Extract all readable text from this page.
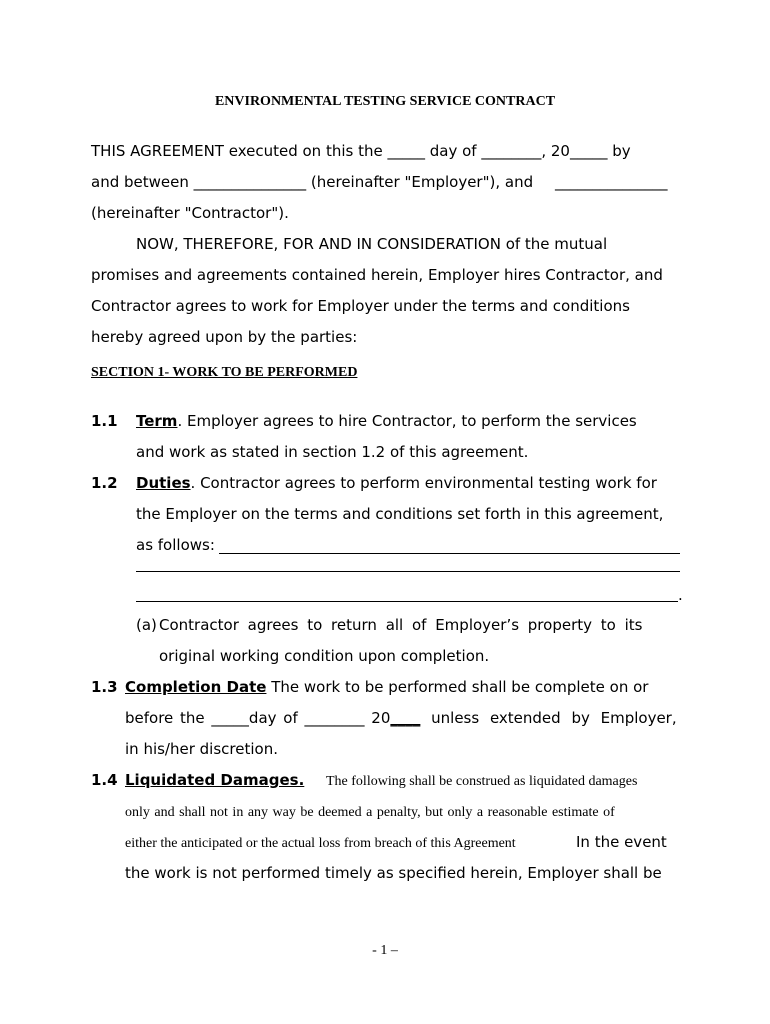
ENVIRONMENTAL TESTING SERVICE CONTRACT
THIS AGREEMENT executed on this the _____ day of ________, 20_____ by
and between _______________ (hereinafter "Employer"), and _______________
(hereinafter "Contractor").
NOW, THEREFORE, FOR AND IN CONSIDERATION of the mutual
promises and agreements contained herein, Employer hires Contractor, and
Contractor agrees to work for Employer under the terms and conditions
hereby agreed upon by the parties:
SECTION 1- WORK TO BE PERFORMED
1.1 Term. Employer agrees to hire Contractor, to perform the services
and work as stated in section 1.2 of this agreement.
1.2 Duties. Contractor agrees to perform environmental testing work for
the Employer on the terms and conditions set forth in this agreement,
as follows:
.
(a) Contractor agrees to return all of Employer’s property to its
original working condition upon completion.
1.3 Completion Date The work to be performed shall be complete on or
before the _____day of ________ 20____ unless extended by Employer,
in his/her discretion.
1.4 Liquidated Damages. The following shall be construed as liquidated damages
only and shall not in any way be deemed a penalty, but only a reasonable estimate of
either the anticipated or the actual loss from breach of this Agreement	In the event
the work is not performed timely as specified herein, Employer shall be
- 1 –
